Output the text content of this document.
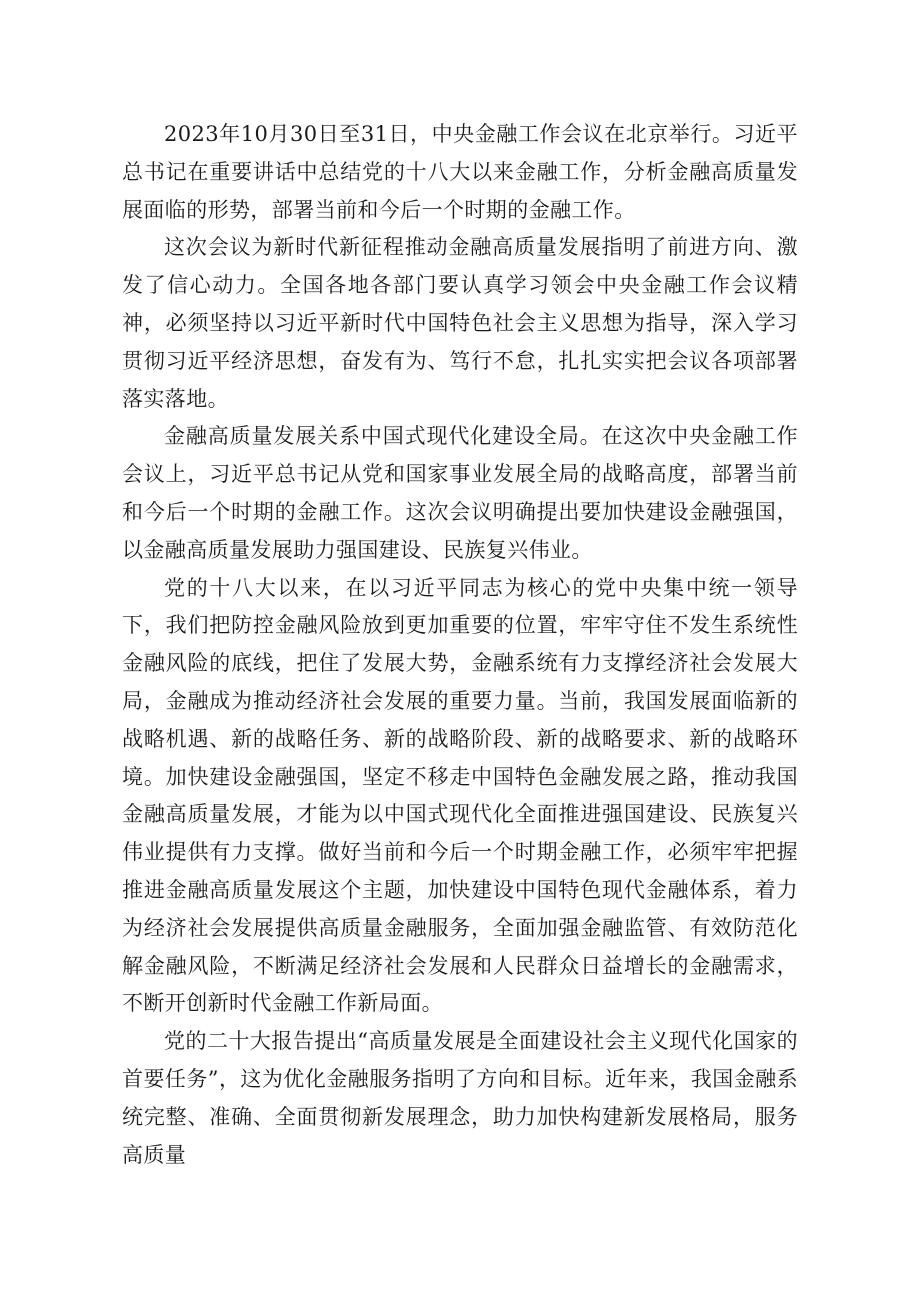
2023年10月30日至31日，中央金融工作会议在北京举行。习近平总书记在重要讲话中总结党的十八大以来金融工作，分析金融高质量发展面临的形势，部署当前和今后一个时期的金融工作。

这次会议为新时代新征程推动金融高质量发展指明了前进方向、激发了信心动力。全国各地各部门要认真学习领会中央金融工作会议精神，必须坚持以习近平新时代中国特色社会主义思想为指导，深入学习贯彻习近平经济思想，奋发有为、笃行不怠，扎扎实实把会议各项部署落实落地。

金融高质量发展关系中国式现代化建设全局。在这次中央金融工作会议上，习近平总书记从党和国家事业发展全局的战略高度，部署当前和今后一个时期的金融工作。这次会议明确提出要加快建设金融强国，以金融高质量发展助力强国建设、民族复兴伟业。

党的十八大以来，在以习近平同志为核心的党中央集中统一领导下，我们把防控金融风险放到更加重要的位置，牢牢守住不发生系统性金融风险的底线，把住了发展大势，金融系统有力支撑经济社会发展大局，金融成为推动经济社会发展的重要力量。当前，我国发展面临新的战略机遇、新的战略任务、新的战略阶段、新的战略要求、新的战略环境。加快建设金融强国，坚定不移走中国特色金融发展之路，推动我国金融高质量发展，才能为以中国式现代化全面推进强国建设、民族复兴伟业提供有力支撑。做好当前和今后一个时期金融工作，必须牢牢把握推进金融高质量发展这个主题，加快建设中国特色现代金融体系，着力为经济社会发展提供高质量金融服务，全面加强金融监管、有效防范化解金融风险，不断满足经济社会发展和人民群众日益增长的金融需求，不断开创新时代金融工作新局面。

党的二十大报告提出“高质量发展是全面建设社会主义现代化国家的首要任务”，这为优化金融服务指明了方向和目标。近年来，我国金融系统完整、准确、全面贯彻新发展理念，助力加快构建新发展格局，服务高质量
